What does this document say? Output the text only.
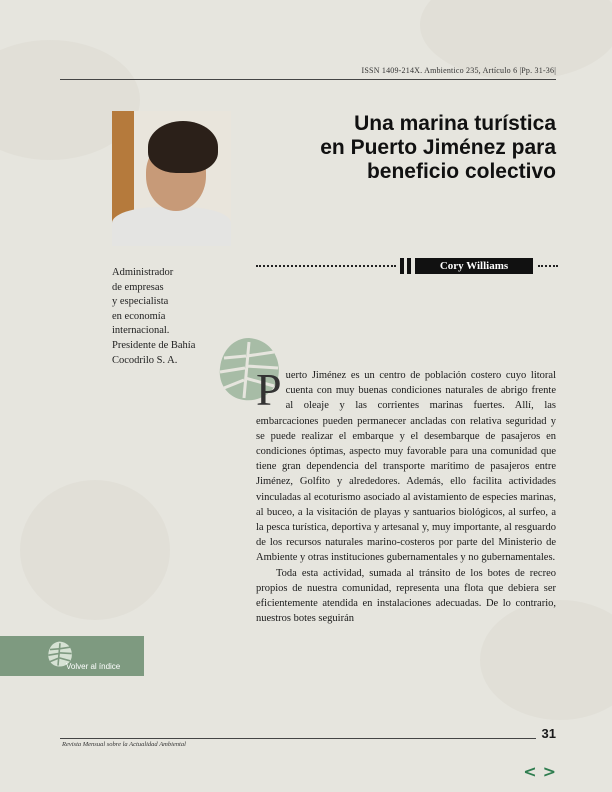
ISSN 1409-214X. Ambientico 235, Artículo 6 |Pp. 31-36|
Una marina turística
en Puerto Jiménez para
beneficio colectivo
Cory Williams
Administrador
de empresas
y especialista
en economía
internacional.
Presidente de Bahía
Cocodrilo S. A.

Puerto Jiménez es un centro de población costero cuyo litoral cuenta con muy buenas condiciones naturales de abrigo frente al oleaje y las corrientes marinas fuertes. Allí, las embarcaciones pueden permanecer ancladas con relativa seguridad y se puede realizar el embarque y el desembarque de pasajeros en condiciones óptimas, aspecto muy favorable para una comunidad que tiene gran dependencia del transporte marítimo de pasajeros entre Jiménez, Golfito y alrededores. Además, ello facilita actividades vinculadas al ecoturismo asociado al avistamiento de especies marinas, al buceo, a la visitación de playas y santuarios biológicos, al surfeo, a la pesca turística, deportiva y artesanal y, muy importante, al resguardo de los recursos naturales marino-costeros por parte del Ministerio de Ambiente y otras instituciones gubernamentales y no gubernamentales.

Toda esta actividad, sumada al tránsito de los botes de recreo propios de nuestra comunidad, representa una flota que debiera ser eficientemente atendida en instalaciones adecuadas. De lo contrario, nuestros botes seguirán

Volver al índice
Revista Mensual sobre la Actualidad Ambiental
31
< >
